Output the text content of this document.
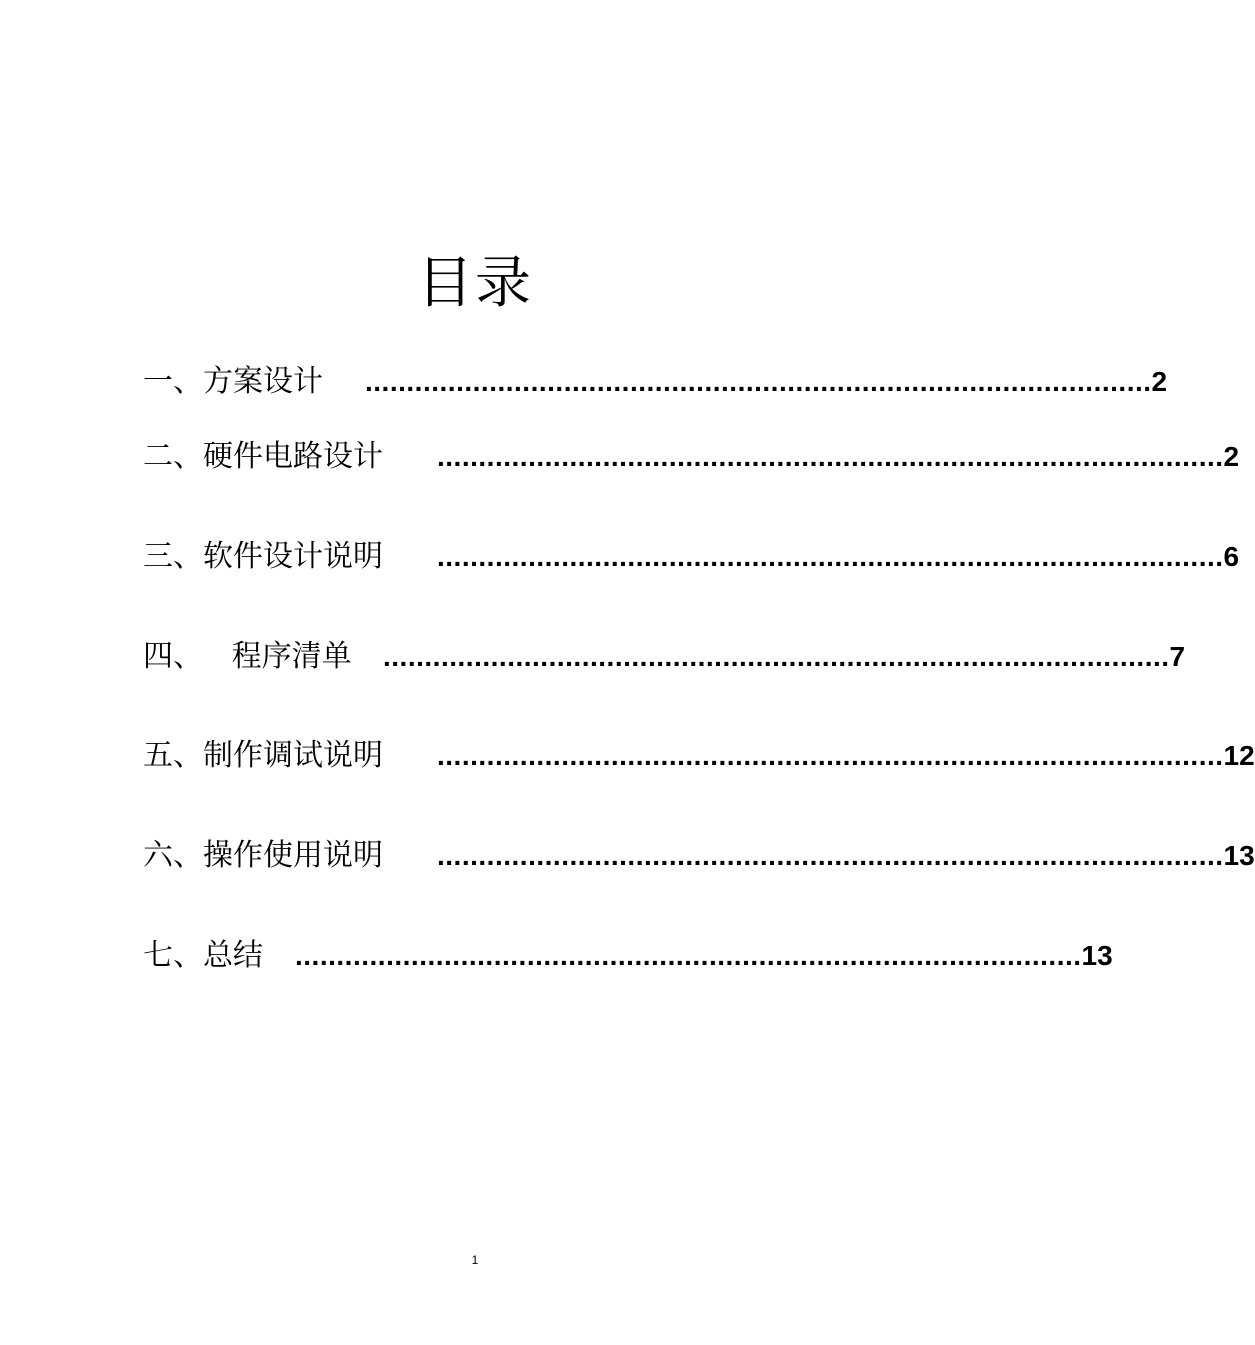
目录
一、方案设计	............................................................................................... 2
二、硬件电路设计	............................................................................................... 2
三、软件设计说明	............................................................................................... 6
四、   程序清单	............................................................................................... 7
五、制作调试说明	............................................................................................... 12
六、操作使用说明	............................................................................................... 13
七、总结	............................................................................................... 13
1
